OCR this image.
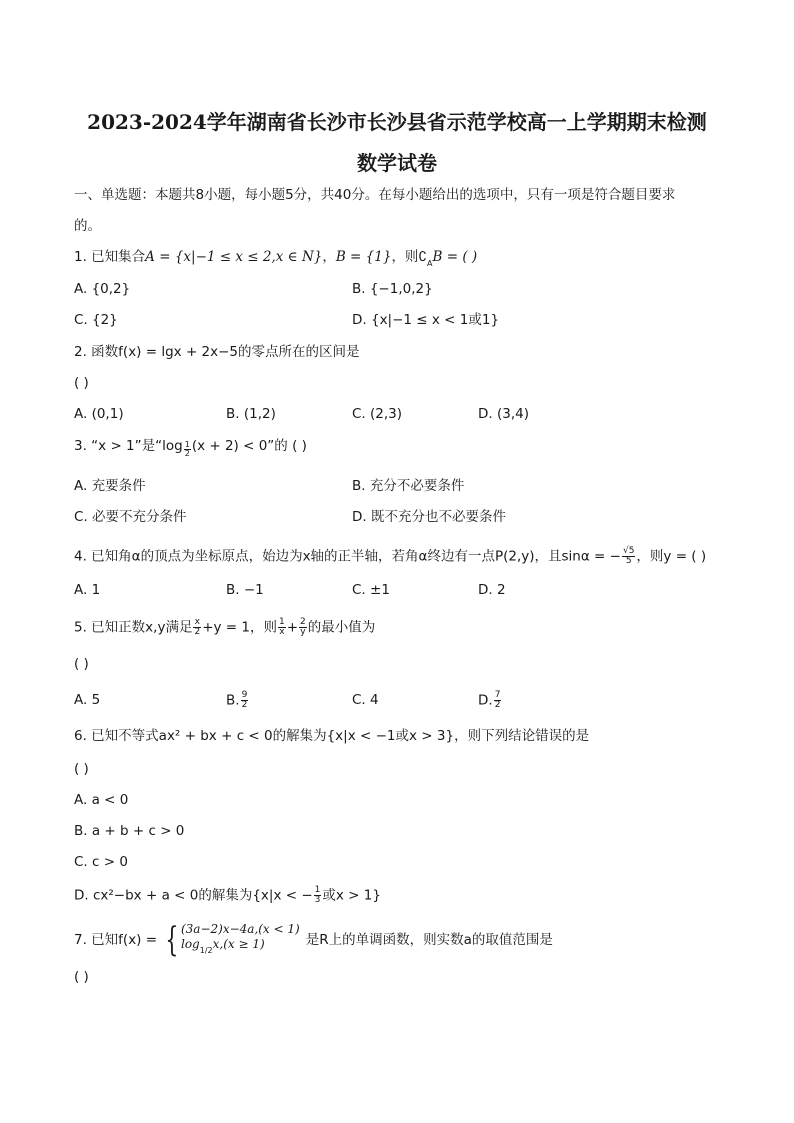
2023-2024学年湖南省长沙市长沙县省示范学校高一上学期期末检测
数学试卷
一、单选题：本题共8小题，每小题5分，共40分。在每小题给出的选项中，只有一项是符合题目要求
的。
1. 已知集合A = {x|−1 ≤ x ≤ 2,x ∈ N}，B = {1}，则$∁_AB$ = ( )
A. {0,2}	B. {−1,0,2}
C. {2}	D. {x|−1 ≤ x < 1或1}
2. 函数f(x) = lgx + 2x−5的零点所在的区间是
( )
A. (0,1)	B. (1,2)	C. (2,3)	D. (3,4)
3. “x > 1”是“$\log \frac{1}{2} (x + 2) < 0$”的 ( )
A. 充要条件	B. 充分不必要条件
C. 必要不充分条件	D. 既不充分也不必要条件
4. 已知角α的顶点为坐标原点，始边为x轴的正半轴，若角α终边有一点P(2,y)，且sinα = − $\frac{√5}{5}$ ，则y = ( )
A. 1	B. −1	C. ±1	D. 2
5. 已知正数x,y满足 $\frac{x}{2} +y = 1$，则 $\frac{1}{x} + \frac{2}{y}$ 的最小值为
( )
A. 5	B. $\frac{9}{2}$	C. 4	D. $\frac{7}{2}$
6. 已知不等式ax² + bx + c < 0的解集为{x|x < −1或x > 3}，则下列结论错误的是
( )
A. a < 0
B. a + b + c > 0
C. c > 0
D. cx²−bx + a < 0的解集为{x|x < − $\frac{1}{3}$ 或x > 1}
7. 已知f(x) = { (3a−2)x−4a,(x < 1)
$\log_{1/2}x,(x \ge 1)$	是R上的单调函数，则实数a的取值范围是
( )
